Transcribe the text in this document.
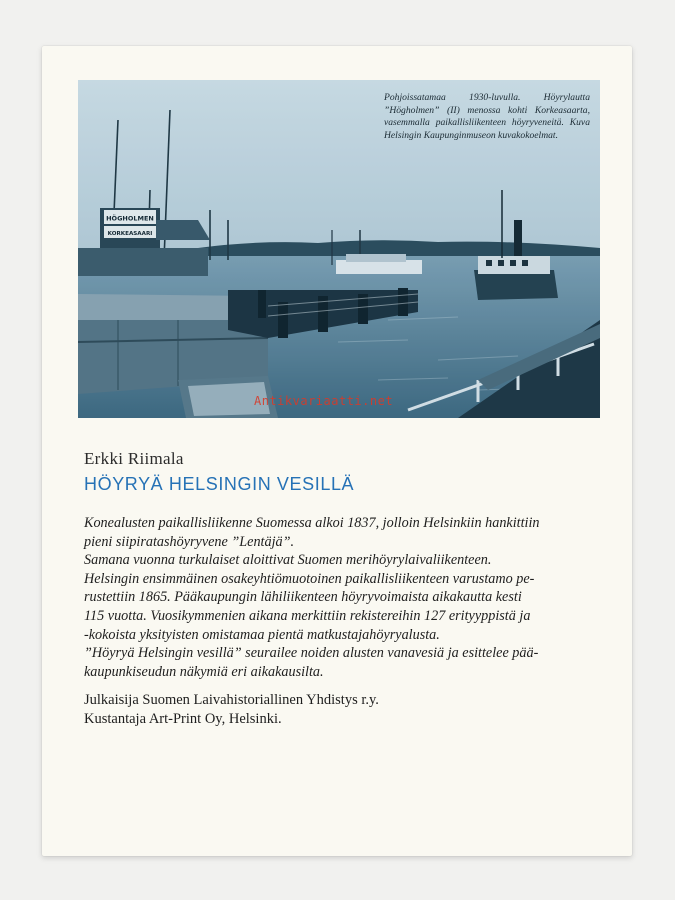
HÖGHOLMEN
KORKEASAARI
Pohjoissatamaa 1930-luvulla. Höyrylautta ”Högholmen” (II) menossa kohti Korkeasaarta, vasemmalla paikallisliikenteen höyryveneitä. Kuva Helsingin Kaupunginmuseon kuvakokoelmat.
Antikvariaatti.net
Erkki Riimala
HÖYRYÄ HELSINGIN VESILLÄ
Konealusten paikallisliikenne Suomessa alkoi 1837, jolloin Helsinkiin hankittiin
pieni siipiratashöyryvene ”Lentäjä”.
Samana vuonna turkulaiset aloittivat Suomen merihöyrylaivaliikenteen.
Helsingin ensimmäinen osakeyhtiömuotoinen paikallisliikenteen varustamo pe-
rustettiin 1865. Pääkaupungin lähiliikenteen höyryvoimaista aikakautta kesti
115 vuotta. Vuosikymmenien aikana merkittiin rekistereihin 127 erityyppistä ja
-kokoista yksityisten omistamaa pientä matkustajahöyryalusta.
”Höyryä Helsingin vesillä” seurailee noiden alusten vanavesiä ja esittelee pää-
kaupunkiseudun näkymiä eri aikakausilta.
Julkaisija Suomen Laivahistoriallinen Yhdistys r.y.
Kustantaja Art-Print Oy, Helsinki.
